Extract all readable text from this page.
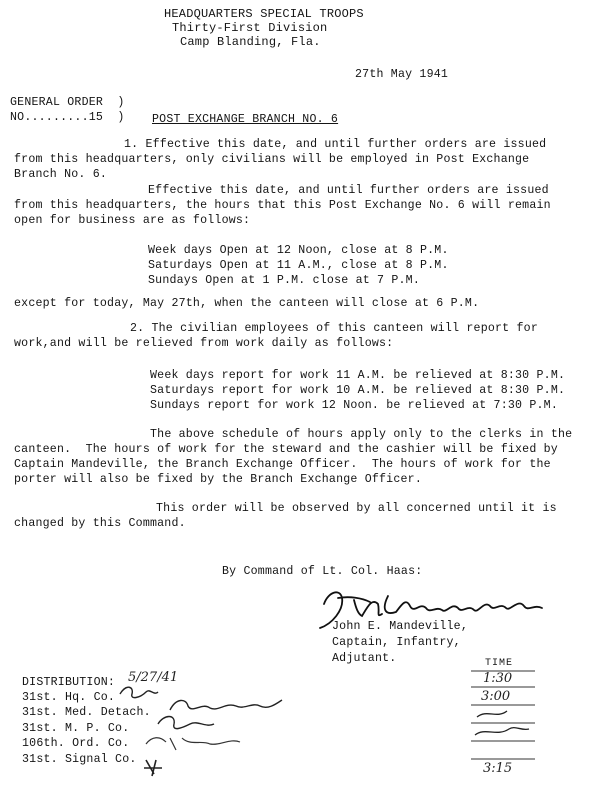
HEADQUARTERS SPECIAL TROOPS
Thirty-First Division
Camp Blanding, Fla.
27th May 1941
GENERAL ORDER  )
NO.........15  ) POST EXCHANGE BRANCH NO. 6
1. Effective this date, and until further orders are issued
from this headquarters, only civilians will be employed in Post Exchange
Branch No. 6.
Effective this date, and until further orders are issued
from this headquarters, the hours that this Post Exchange No. 6 will remain
open for business are as follows:
Week days Open at 12 Noon, close at 8 P.M.
Saturdays Open at 11 A.M., close at 8 P.M.
Sundays Open at 1 P.M. close at 7 P.M.
except for today, May 27th, when the canteen will close at 6 P.M.
2. The civilian employees of this canteen will report for
work,and will be relieved from work daily as follows:
Week days report for work 11 A.M. be relieved at 8:30 P.M.
Saturdays report for work 10 A.M. be relieved at 8:30 P.M.
Sundays report for work 12 Noon. be relieved at 7:30 P.M.
The above schedule of hours apply only to the clerks in the
canteen.  The hours of work for the steward and the cashier will be fixed by
Captain Mandeville, the Branch Exchange Officer.  The hours of work for the
porter will also be fixed by the Branch Exchange Officer.
This order will be observed by all concerned until it is
changed by this Command.
By Command of Lt. Col. Haas:
John E. Mandeville,
Captain, Infantry,
Adjutant.
DISTRIBUTION: 5/27/41
31st. Hq. Co.
31st. Med. Detach.
31st. M. P. Co.
106th. Ord. Co.
31st. Signal Co.
TIME
1:30
3:00
3:15
